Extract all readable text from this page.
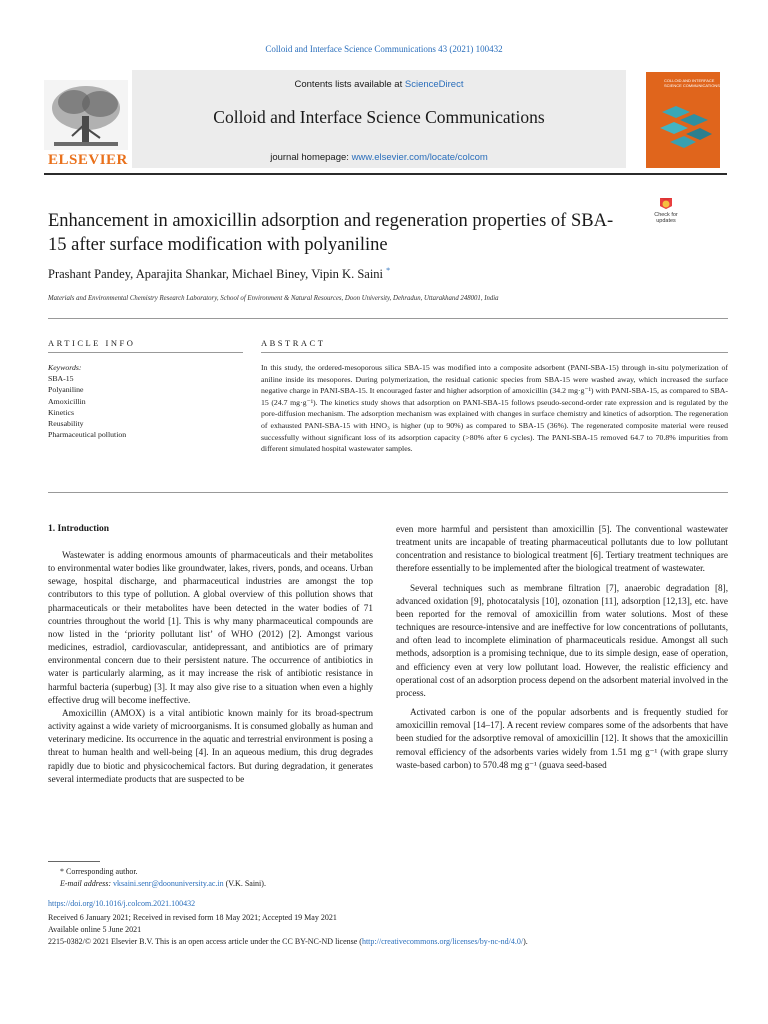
Colloid and Interface Science Communications 43 (2021) 100432
ELSEVIER
Contents lists available at ScienceDirect
Colloid and Interface Science Communications
journal homepage: www.elsevier.com/locate/colcom
COLLOID AND INTERFACE SCIENCE COMMUNICATIONS
Enhancement in amoxicillin adsorption and regeneration properties of SBA-15 after surface modification with polyaniline
Check for
updates
Prashant Pandey, Aparajita Shankar, Michael Biney, Vipin K. Saini *
Materials and Environmental Chemistry Research Laboratory, School of Environment & Natural Resources, Doon University, Dehradun, Uttarakhand 248001, India
ARTICLE INFO	ABSTRACT
Keywords:
SBA-15
Polyaniline
Amoxicillin
Kinetics
Reusability
Pharmaceutical pollution
In this study, the ordered-mesoporous silica SBA-15 was modified into a composite adsorbent (PANI-SBA-15) through in-situ polymerization of aniline inside its mesopores. During polymerization, the residual cationic species from SBA-15 were washed away, which increased the surface negative charge in PANI-SBA-15. It encouraged faster and higher adsorption of amoxicillin (34.2 mg·g⁻¹) with PANI-SBA-15, as compared to SBA-15 (24.7 mg·g⁻¹). The kinetics study shows that adsorption on PANI-SBA-15 follows pseudo-second-order rate expression and is regulated by the pore-diffusion mechanism. The adsorption mechanism was explained with changes in surface chemistry and kinetics of adsorption. The regeneration of exhausted PANI-SBA-15 with HNO₃ is higher (up to 90%) as compared to SBA-15 (36%). The regenerated composite material were reused successfully without significant loss of its adsorption capacity (>80% after 6 cycles). The PANI-SBA-15 removed 64.7 to 70.8% impurities from different simulated hospital wastewater samples.
1. Introduction

Wastewater is adding enormous amounts of pharmaceuticals and their metabolites to environmental water bodies like groundwater, lakes, rivers, ponds, and oceans. Urban sewage, hospital discharge, and pharmaceutical industries are amongst the top contributors to this type of pollution. A global overview of this pollution shows that pharmaceuticals or their metabolites have been detected in the water bodies of 71 countries throughout the world [1]. This is why many pharmaceutical compounds are now listed in the ‘priority pollutant list’ of WHO (2012) [2]. Amongst various medicines, estradiol, cardiovascular, antidepressant, and antibiotics are of primary environmental concern due to their persistent nature. The occurrence of antibiotics in water is particularly alarming, as it may increase the risk of antibiotic resistance in harmful bacteria (superbug) [3]. It may also give rise to a situation when even a highly effective drug will become ineffective.

Amoxicillin (AMOX) is a vital antibiotic known mainly for its broad-spectrum activity against a wide variety of microorganisms. It is consumed globally as human and veterinary medicine. Its occurrence in the aquatic and terrestrial environment is posing a threat to human health and well-being [4]. In an aqueous medium, this drug degrades rapidly due to biotic and physicochemical factors. But during degradation, it generates several intermediate products that are suspected to be

even more harmful and persistent than amoxicillin [5]. The conventional wastewater treatment units are incapable of treating pharmaceutical pollutants due to low pollutant concentration and resistance to biological treatment [6]. Tertiary treatment techniques are therefore essentially to be implemented after the biological treatment of wastewater.

Several techniques such as membrane filtration [7], anaerobic degradation [8], advanced oxidation [9], photocatalysis [10], ozonation [11], adsorption [12,13], etc. have been reported for the removal of amoxicillin from water solutions. Most of these techniques are resource-intensive and are ineffective for low concentrations of pollutants, and often lead to incomplete elimination of pharmaceuticals residue. Amongst all such methods, adsorption is a promising technique, due to its simple design, ease of operation, and efficiency even at very low pollutant load. However, the realistic efficiency and operational cost of an adsorption process depend on the adsorbent material involved in the process.

Activated carbon is one of the popular adsorbents and is frequently studied for amoxicillin removal [14–17]. A recent review compares some of the adsorbents that have been studied for the adsorptive removal of amoxicillin [12]. It shows that the amoxicillin removal efficiency of the adsorbents varies widely from 1.51 mg g⁻¹ (with grape slurry waste-based carbon) to 570.48 mg g⁻¹ (guava seed-based

* Corresponding author.
E-mail address: vksaini.senr@doonuniversity.ac.in (V.K. Saini).
https://doi.org/10.1016/j.colcom.2021.100432
Received 6 January 2021; Received in revised form 18 May 2021; Accepted 19 May 2021
Available online 5 June 2021
2215-0382/© 2021 Elsevier B.V. This is an open access article under the CC BY-NC-ND license (http://creativecommons.org/licenses/by-nc-nd/4.0/).
